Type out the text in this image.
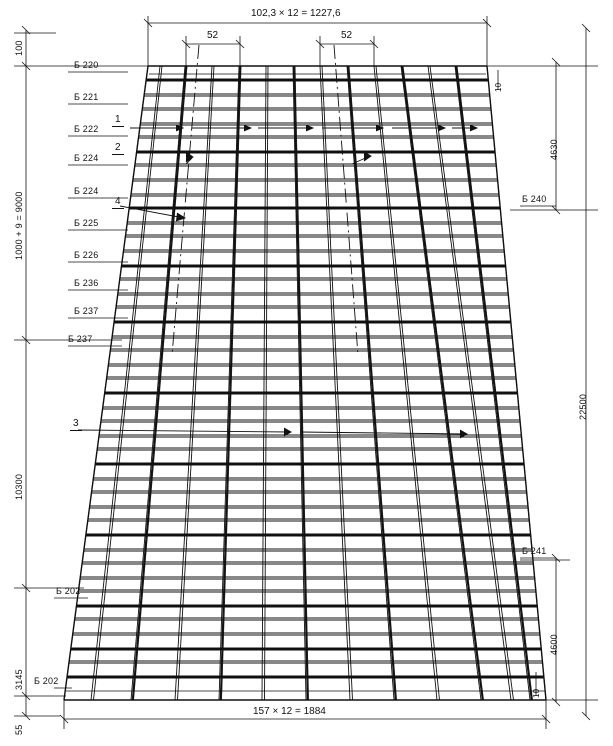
102,3 × 12 = 1227,6
52	52
157 × 12 = 1884
100
55
1000 + 9 = 9000
10300
3145
22500
4630
4600
10
10
Б 220
Б 221
Б 222
Б 224
Б 224
Б 225
Б 226
Б 236
Б 237
Б 237
Б 202
Б 202
Б 240
Б 241
1
2
3
4
